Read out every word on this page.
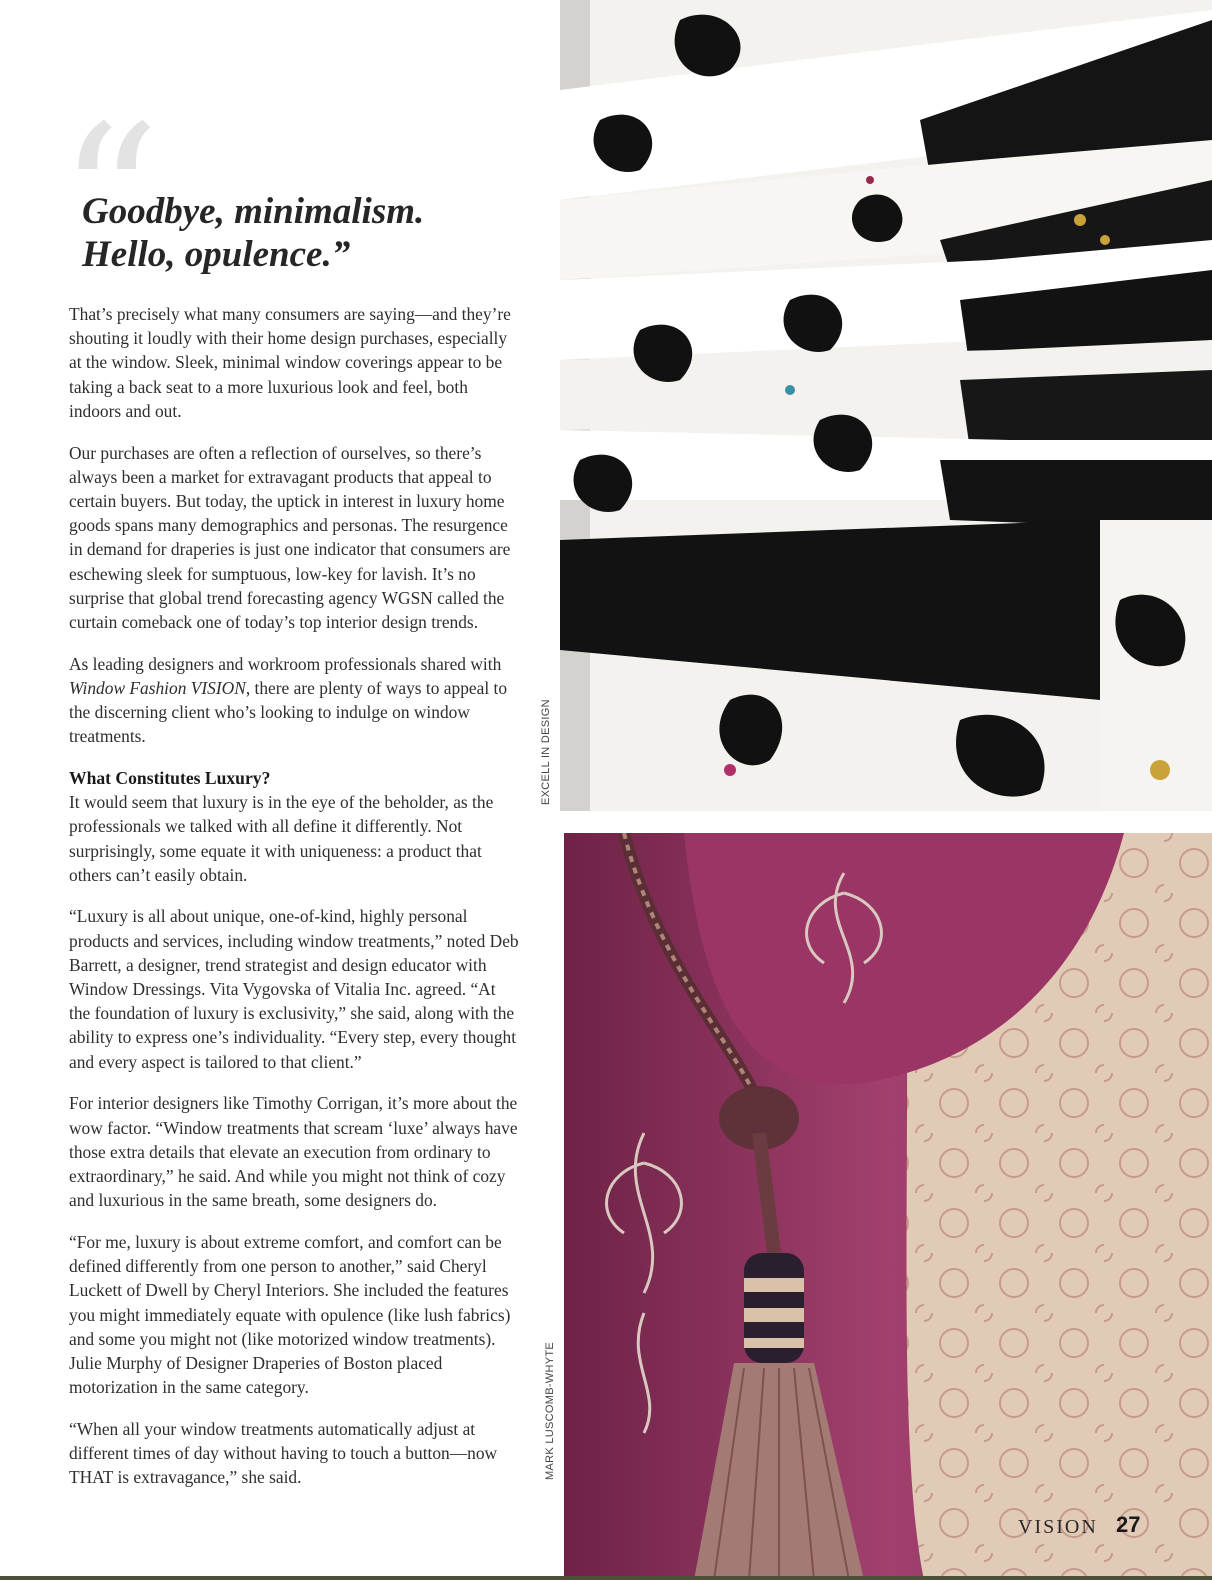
“
Goodbye, minimalism.
Hello, opulence.”

That’s precisely what many consumers are saying—and they’re shouting it loudly with their home design purchases, especially at the window. Sleek, minimal window coverings appear to be taking a back seat to a more luxurious look and feel, both indoors and out.

Our purchases are often a reflection of ourselves, so there’s always been a market for extravagant products that appeal to certain buyers. But today, the uptick in interest in luxury home goods spans many demographics and personas. The resurgence in demand for draperies is just one indicator that consumers are eschewing sleek for sumptuous, low-key for lavish. It’s no surprise that global trend forecasting agency WGSN called the curtain comeback one of today’s top interior design trends.

As leading designers and workroom professionals shared with Window Fashion VISION, there are plenty of ways to appeal to the discerning client who’s looking to indulge on window treatments.

What Constitutes Luxury?

It would seem that luxury is in the eye of the beholder, as the professionals we talked with all define it differently. Not surprisingly, some equate it with uniqueness: a product that others can’t easily obtain.

“Luxury is all about unique, one-of-kind, highly personal products and services, including window treatments,” noted Deb Barrett, a designer, trend strategist and design educator with Window Dressings. Vita Vygovska of Vitalia Inc. agreed. “At the foundation of luxury is exclusivity,” she said, along with the ability to express one’s individuality. “Every step, every thought and every aspect is tailored to that client.”

For interior designers like Timothy Corrigan, it’s more about the wow factor. “Window treatments that scream ‘luxe’ always have those extra details that elevate an execution from ordinary to extraordinary,” he said. And while you might not think of cozy and luxurious in the same breath, some designers do.

“For me, luxury is about extreme comfort, and comfort can be defined differently from one person to another,” said Cheryl Luckett of Dwell by Cheryl Interiors. She included the features you might immediately equate with opulence (like lush fabrics) and some you might not (like motorized window treatments). Julie Murphy of Designer Draperies of Boston placed motorization in the same category.

“When all your window treatments automatically adjust at different times of day without having to touch a button—now THAT is extravagance,” she said.

EXCELL IN DESIGN
MARK LUSCOMB-WHYTE
VISION 27
